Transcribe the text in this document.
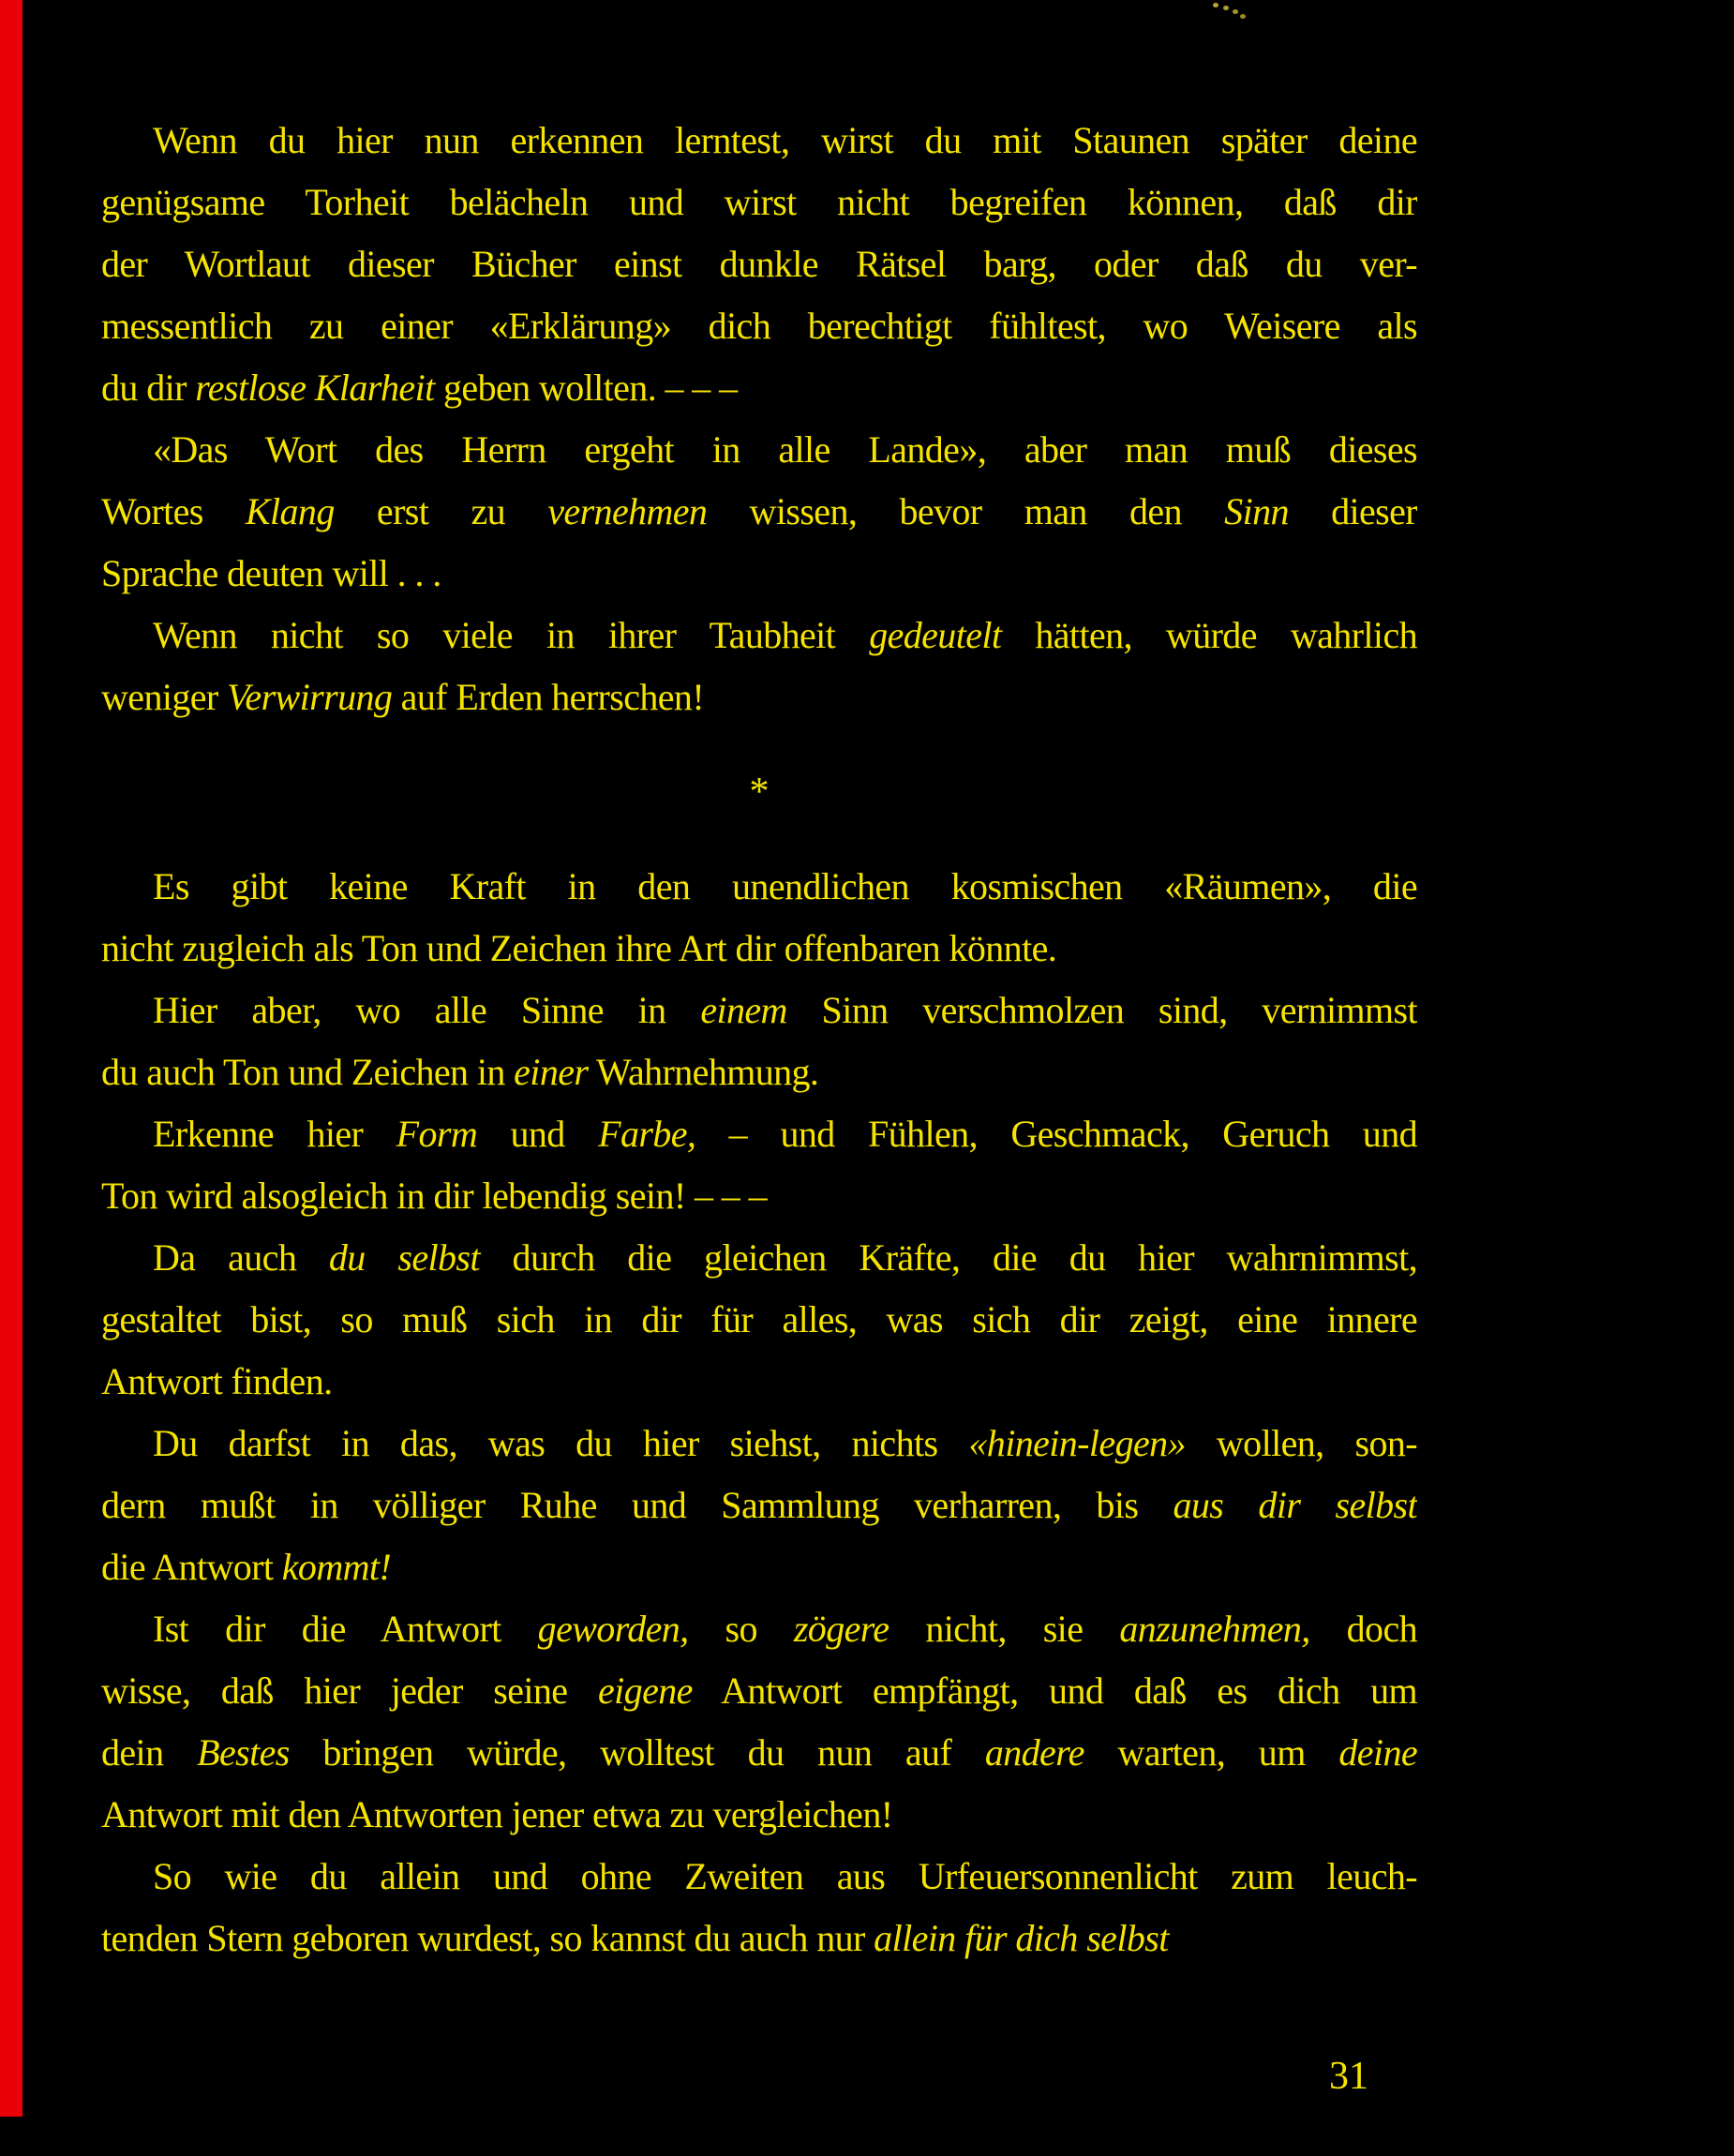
Wenn du hier nun erkennen lerntest, wirst du mit Staunen später deine
genügsame Torheit belächeln und wirst nicht begreifen können, daß dir
der Wortlaut dieser Bücher einst dunkle Rätsel barg, oder daß du ver-
messentlich zu einer «Erklärung» dich berechtigt fühltest, wo Weisere als
du dir restlose Klarheit geben wollten. – – –
«Das Wort des Herrn ergeht in alle Lande», aber man muß dieses
Wortes Klang erst zu vernehmen wissen, bevor man den Sinn dieser
Sprache deuten will . . .
Wenn nicht so viele in ihrer Taubheit gedeutelt hätten, würde wahrlich
weniger Verwirrung auf Erden herrschen!
*
Es gibt keine Kraft in den unendlichen kosmischen «Räumen», die
nicht zugleich als Ton und Zeichen ihre Art dir offenbaren könnte.
Hier aber, wo alle Sinne in einem Sinn verschmolzen sind, vernimmst
du auch Ton und Zeichen in einer Wahrnehmung.
Erkenne hier Form und Farbe, – und Fühlen, Geschmack, Geruch und
Ton wird alsogleich in dir lebendig sein! – – –
Da auch du selbst durch die gleichen Kräfte, die du hier wahrnimmst,
gestaltet bist, so muß sich in dir für alles, was sich dir zeigt, eine innere
Antwort finden.
Du darfst in das, was du hier siehst, nichts «hinein-legen» wollen, son-
dern mußt in völliger Ruhe und Sammlung verharren, bis aus dir selbst
die Antwort kommt!
Ist dir die Antwort geworden, so zögere nicht, sie anzunehmen, doch
wisse, daß hier jeder seine eigene Antwort empfängt, und daß es dich um
dein Bestes bringen würde, wolltest du nun auf andere warten, um deine
Antwort mit den Antworten jener etwa zu vergleichen!
So wie du allein und ohne Zweiten aus Urfeuersonnenlicht zum leuch-
tenden Stern geboren wurdest, so kannst du auch nur allein für dich selbst
31
